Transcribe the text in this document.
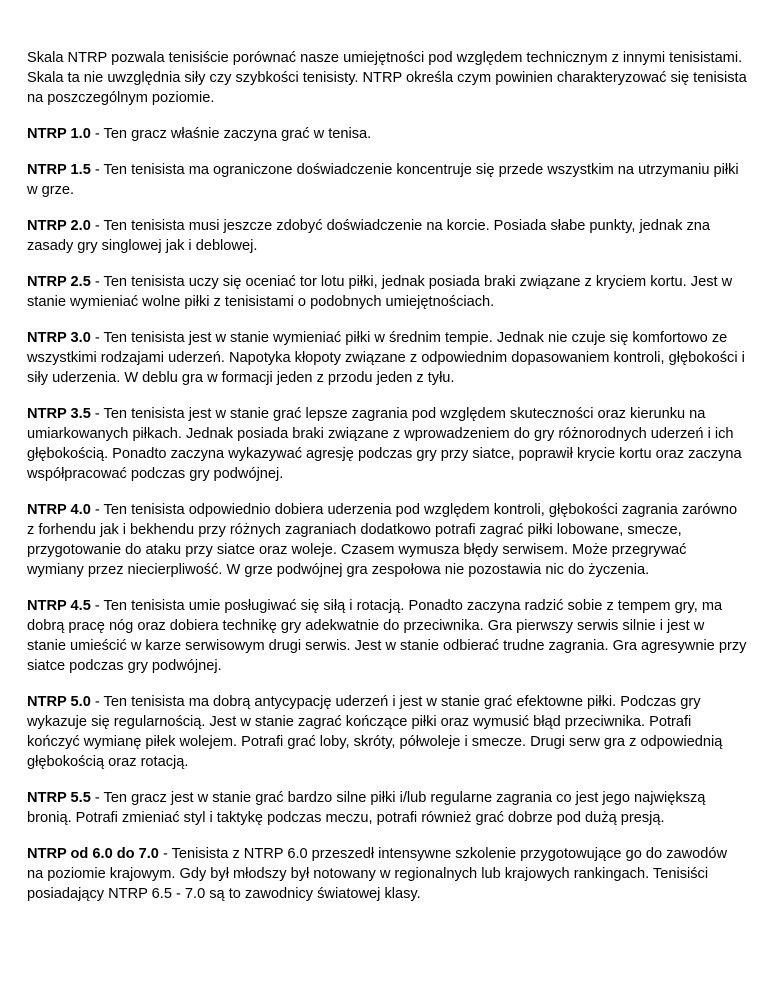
Skala NTRP pozwala tenisiście porównać nasze umiejętności pod względem technicznym z innymi tenisistami. Skala ta nie uwzględnia siły czy szybkości tenisisty. NTRP określa czym powinien charakteryzować się tenisista na poszczególnym poziomie.

NTRP 1.0 - Ten gracz właśnie zaczyna grać w tenisa.

NTRP 1.5 - Ten tenisista ma ograniczone doświadczenie koncentruje się przede wszystkim na utrzymaniu piłki w grze.

NTRP 2.0 - Ten tenisista musi jeszcze zdobyć doświadczenie na korcie. Posiada słabe punkty, jednak zna zasady gry singlowej jak i deblowej.

NTRP 2.5 - Ten tenisista uczy się oceniać tor lotu piłki, jednak posiada braki związane z kryciem kortu. Jest w stanie wymieniać wolne piłki z tenisistami o podobnych umiejętnościach.

NTRP 3.0 - Ten tenisista jest w stanie wymieniać piłki w średnim tempie. Jednak nie czuje się komfortowo ze wszystkimi rodzajami uderzeń. Napotyka kłopoty związane z odpowiednim dopasowaniem kontroli, głębokości i siły uderzenia. W deblu gra w formacji jeden z przodu jeden z tyłu.

NTRP 3.5 - Ten tenisista jest w stanie grać lepsze zagrania pod względem skuteczności oraz kierunku na umiarkowanych piłkach. Jednak posiada braki związane z wprowadzeniem do gry różnorodnych uderzeń i ich głębokością. Ponadto zaczyna wykazywać agresję podczas gry przy siatce, poprawił krycie kortu oraz zaczyna współpracować podczas gry podwójnej.

NTRP 4.0 - Ten tenisista odpowiednio dobiera uderzenia pod względem kontroli, głębokości zagrania zarówno z forhendu jak i bekhendu przy różnych zagraniach dodatkowo potrafi zagrać piłki lobowane, smecze, przygotowanie do ataku przy siatce oraz woleje. Czasem wymusza błędy serwisem. Może przegrywać wymiany przez niecierpliwość. W grze podwójnej gra zespołowa nie pozostawia nic do życzenia.

NTRP 4.5 - Ten tenisista umie posługiwać się siłą i rotacją. Ponadto zaczyna radzić sobie z tempem gry, ma dobrą pracę nóg oraz dobiera technikę gry adekwatnie do przeciwnika. Gra pierwszy serwis silnie i jest w stanie umieścić w karze serwisowym drugi serwis. Jest w stanie odbierać trudne zagrania. Gra agresywnie przy siatce podczas gry podwójnej.

NTRP 5.0 - Ten tenisista ma dobrą antycypację uderzeń i jest w stanie grać efektowne piłki. Podczas gry wykazuje się regularnością. Jest w stanie zagrać kończące piłki oraz wymusić błąd przeciwnika. Potrafi kończyć wymianę piłek wolejem. Potrafi grać loby, skróty, półwoleje i smecze. Drugi serw gra z odpowiednią głębokością oraz rotacją.

NTRP 5.5 - Ten gracz jest w stanie grać bardzo silne piłki i/lub regularne zagrania co jest jego największą bronią. Potrafi zmieniać styl i taktykę podczas meczu, potrafi również grać dobrze pod dużą presją.

NTRP od 6.0 do 7.0 - Tenisista z NTRP 6.0 przeszedł intensywne szkolenie przygotowujące go do zawodów na poziomie krajowym. Gdy był młodszy był notowany w regionalnych lub krajowych rankingach. Tenisiści posiadający NTRP 6.5 - 7.0 są to zawodnicy światowej klasy.
